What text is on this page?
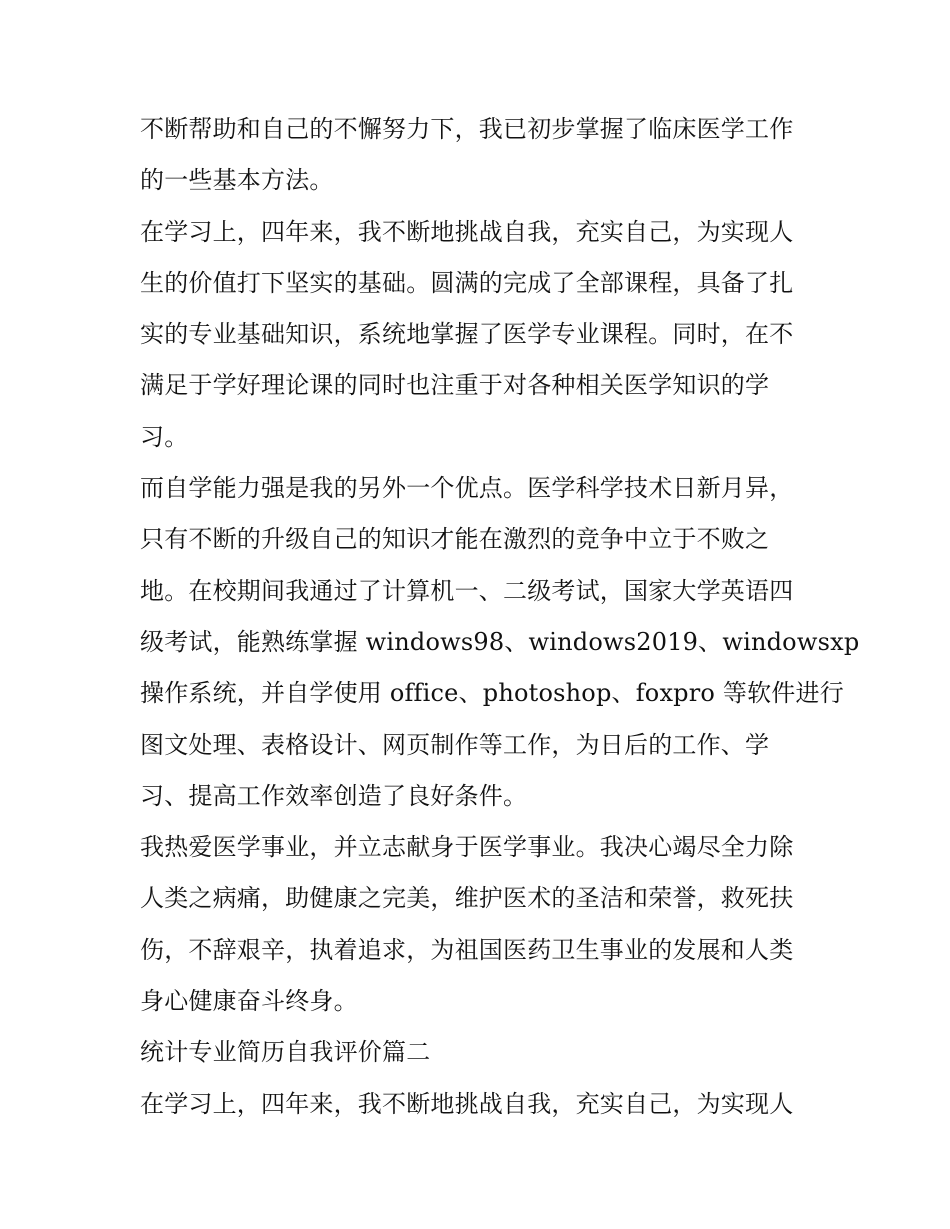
不断帮助和自己的不懈努力下，我已初步掌握了临床医学工作
的一些基本方法。
在学习上，四年来，我不断地挑战自我，充实自己，为实现人
生的价值打下坚实的基础。圆满的完成了全部课程，具备了扎
实的专业基础知识，系统地掌握了医学专业课程。同时，在不
满足于学好理论课的同时也注重于对各种相关医学知识的学
习。
而自学能力强是我的另外一个优点。医学科学技术日新月异，
只有不断的升级自己的知识才能在激烈的竞争中立于不败之
地。在校期间我通过了计算机一、二级考试，国家大学英语四
级考试，能熟练掌握 windows98、windows2019、windowsxp
操作系统，并自学使用 office、photoshop、foxpro 等软件进行
图文处理、表格设计、网页制作等工作，为日后的工作、学
习、提高工作效率创造了良好条件。
我热爱医学事业，并立志献身于医学事业。我决心竭尽全力除
人类之病痛，助健康之完美，维护医术的圣洁和荣誉，救死扶
伤，不辞艰辛，执着追求，为祖国医药卫生事业的发展和人类
身心健康奋斗终身。
统计专业简历自我评价篇二
在学习上，四年来，我不断地挑战自我，充实自己，为实现人
